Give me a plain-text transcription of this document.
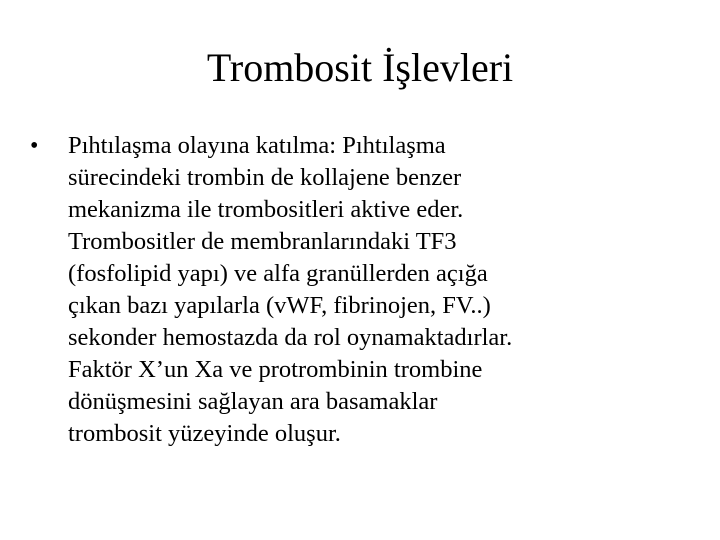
Trombosit İşlevleri
•	Pıhtılaşma olayına katılma: Pıhtılaşma
sürecindeki trombin de kollajene benzer
mekanizma ile trombositleri aktive eder.
Trombositler de membranlarındaki TF3
(fosfolipid yapı) ve alfa granüllerden açığa
çıkan bazı yapılarla (vWF, fibrinojen, FV..)
sekonder hemostazda da rol oynamaktadırlar.
Faktör X’un Xa ve protrombinin trombine
dönüşmesini sağlayan ara basamaklar
trombosit yüzeyinde oluşur.
